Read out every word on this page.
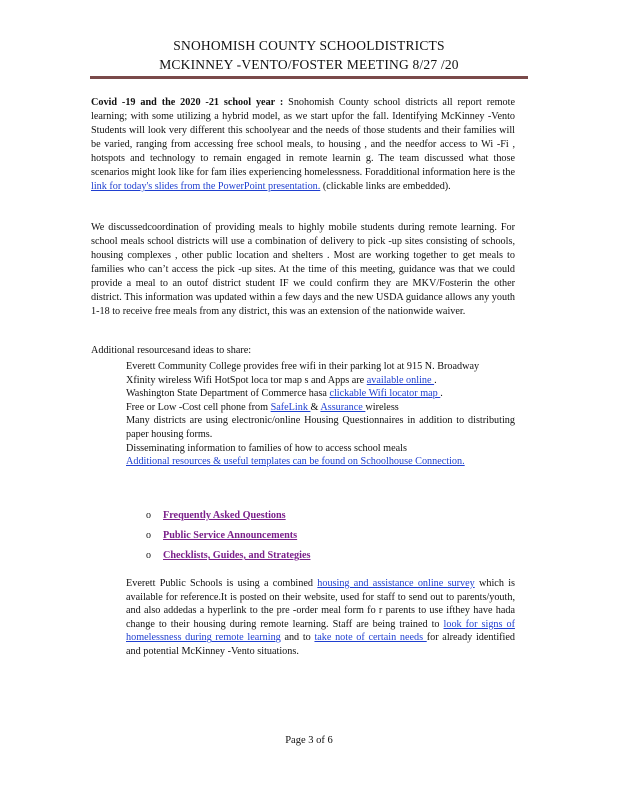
SNOHOMISH COUNTY SCHOOLDISTRICTS
MCKINNEY -VENTO/FOSTER MEETING 8/27 /20
Covid -19 and the 2020 -21 school year : Snohomish County school districts all report remote learning; with some utilizing a hybrid model, as we start upfor the fall. Identifying McKinney -Vento Students will look very different this schoolyear and the needs of those students and their families will be varied, ranging from accessing free school meals, to housing , and the needfor access to Wi -Fi , hotspots and technology to remain engaged in remote learnin g. The team discussed what those scenarios might look like for fam ilies experiencing homelessness. Foradditional information here is the link for today's slides from the PowerPoint presentation. (clickable links are embedded).
We discussedcoordination of providing meals to highly mobile students during remote learning. For school meals school districts will use a combination of delivery to pick -up sites consisting of schools, housing complexes , other public location and shelters . Most are working together to get meals to families who can’t access the pick -up sites. At the time of this meeting, guidance was that we could provide a meal to an outof district student IF we could confirm they are MKV/Fosterin the other district. This information was updated within a few days and the new USDA guidance allows any youth 1-18 to receive free meals from any district, this was an extension of the nationwide waiver.
Additional resourcesand ideas to share:
Everett Community College provides free wifi in their parking lot at 915 N. Broadway
Xfinity wireless Wifi HotSpot loca tor map s and Apps are available online .
Washington State Department of Commerce hasa clickable Wifi locator map .
Free or Low -Cost cell phone from SafeLink & Assurance wireless
Many districts are using electronic/online Housing Questionnaires in addition to distributing paper housing forms.
Disseminating information to families of how to access school meals
Additional resources & useful templates can be found on Schoolhouse Connection.
o Frequently Asked Questions
o Public Service Announcements
o Checklists, Guides, and Strategies
Everett Public Schools is using a combined housing and assistance online survey which is available for reference.It is posted on their website, used for staff to send out to parents/youth, and also addedas a hyperlink to the pre -order meal form fo r parents to use ifthey have hada change to their housing during remote learning. Staff are being trained to look for signs of homelessness during remote learning and to take note of certain needs for already identified and potential McKinney -Vento situations.
Page 3 of 6
